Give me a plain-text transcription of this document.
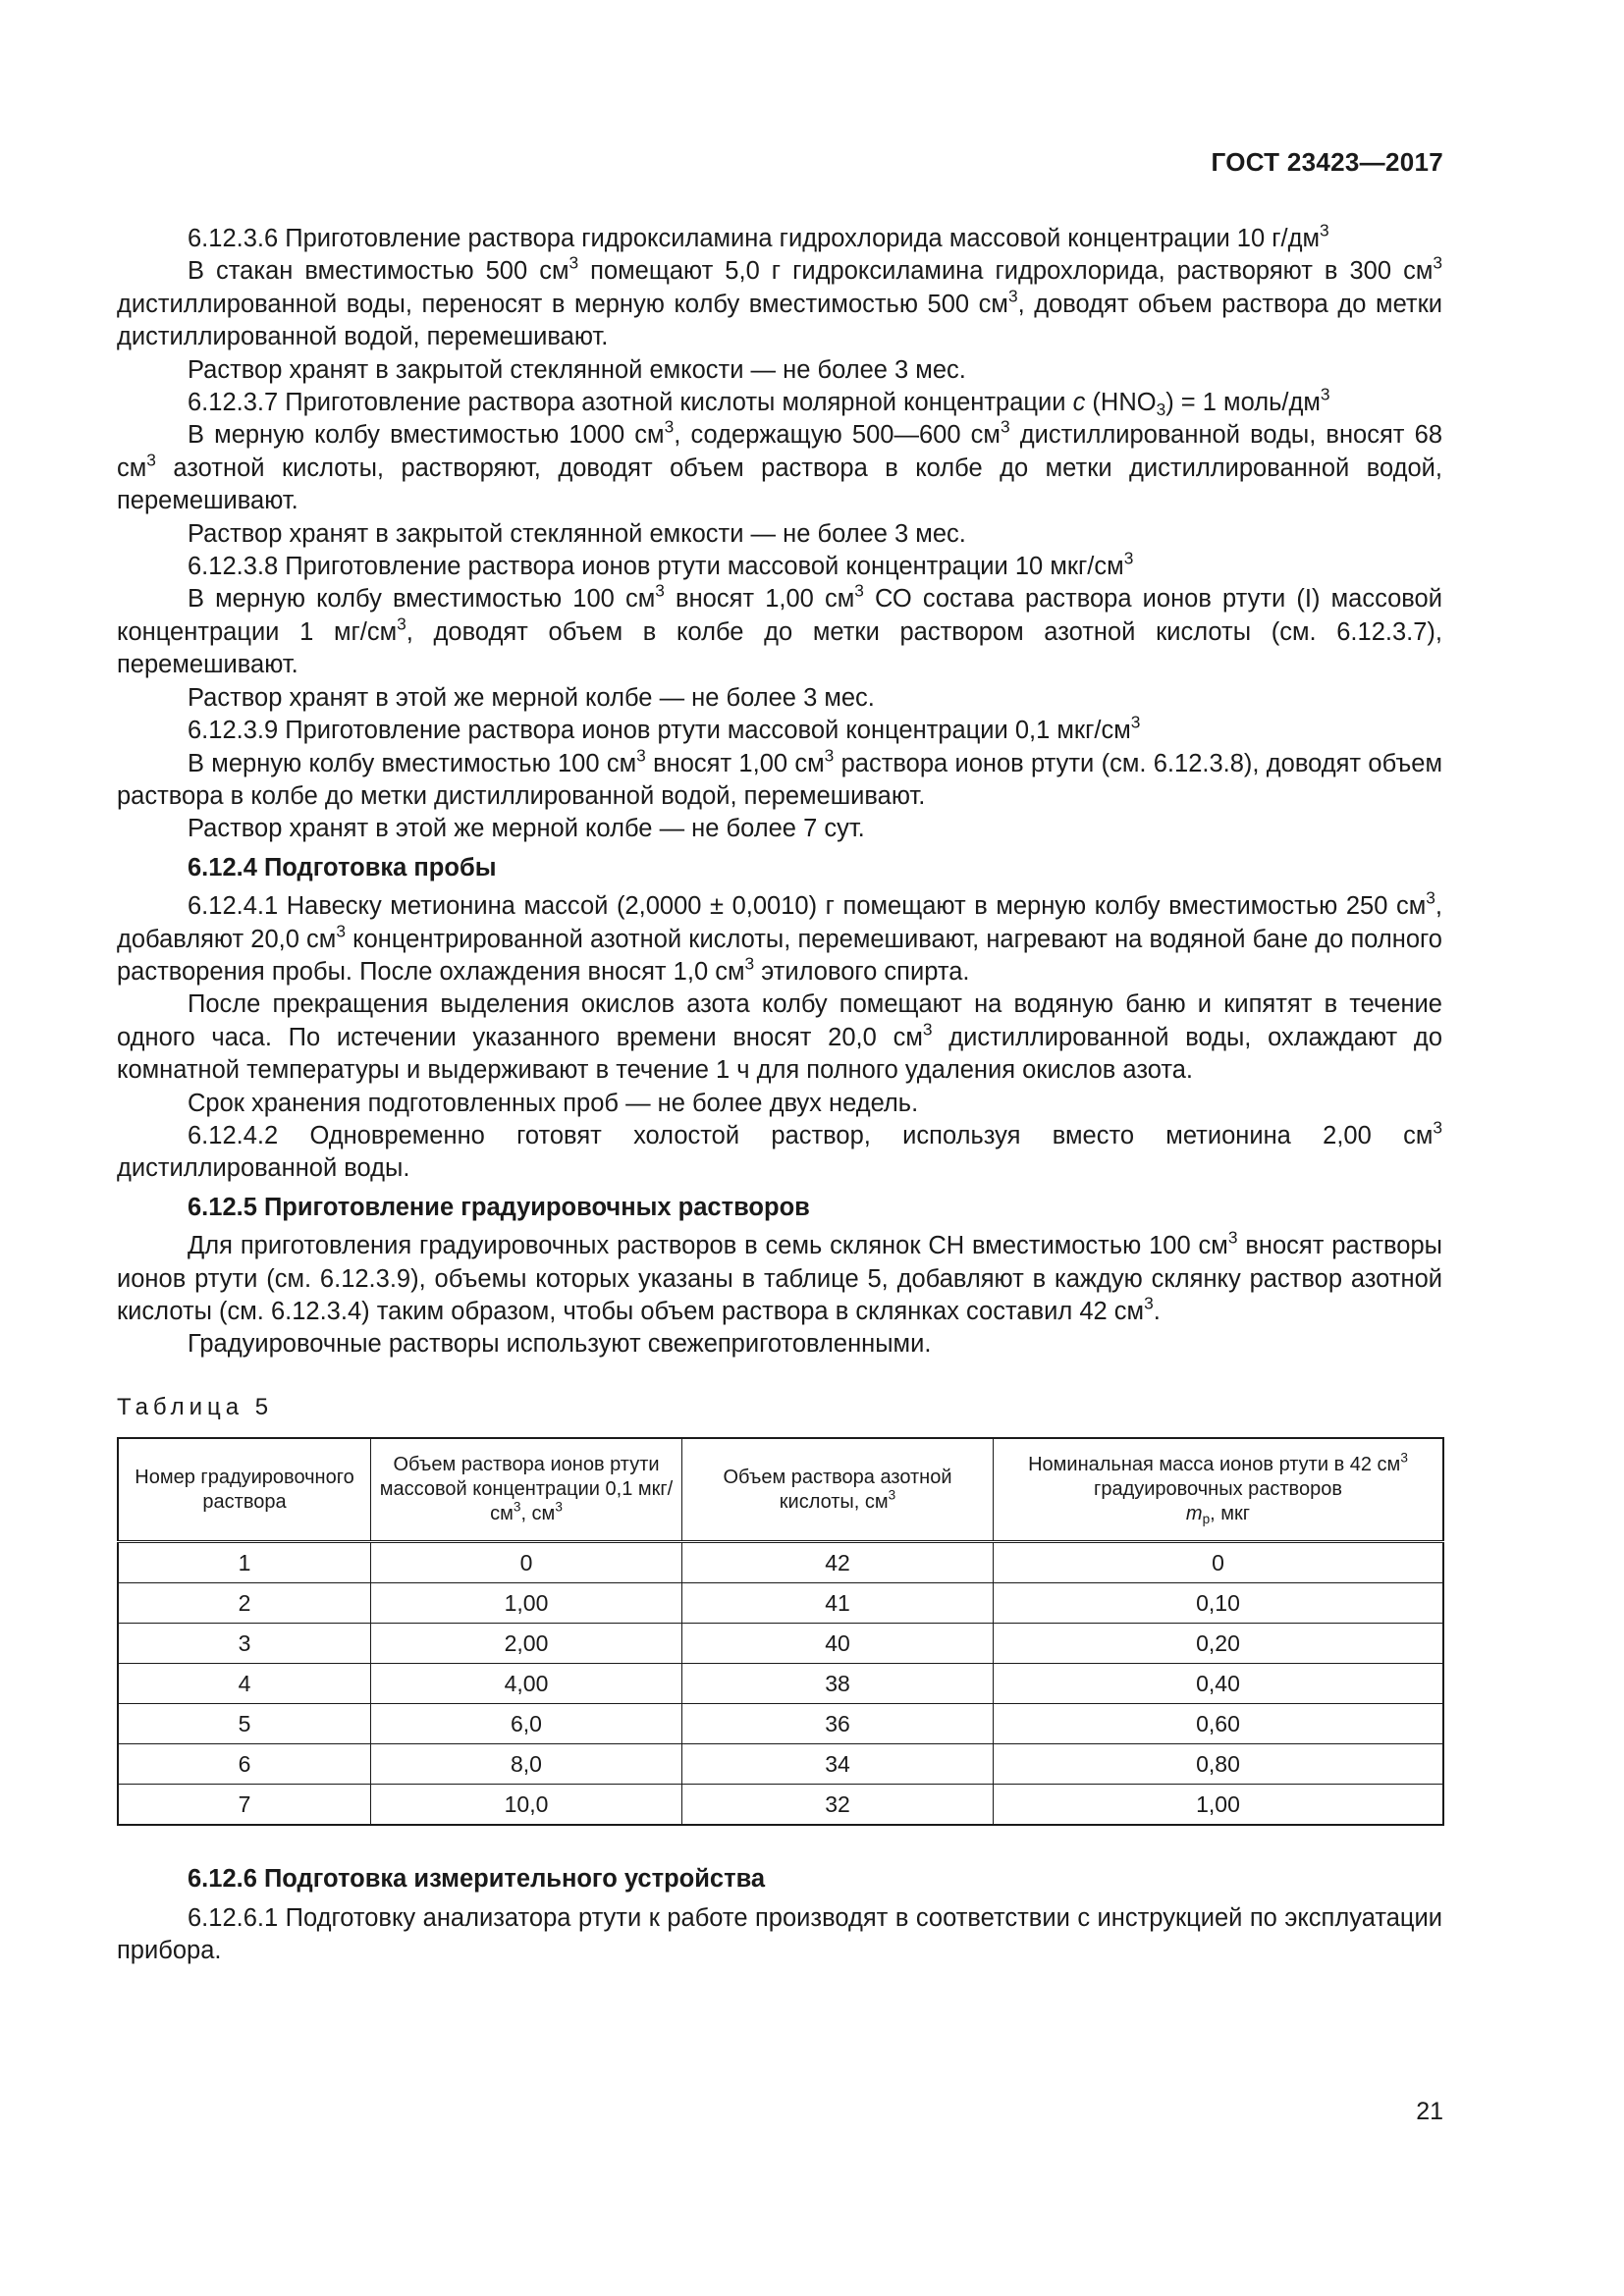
ГОСТ 23423—2017

6.12.3.6 Приготовление раствора гидроксиламина гидрохлорида массовой концентрации 10 $г/дм^3$

В стакан вместимостью 500 $см^3$ помещают 5,0 г гидроксиламина гидрохлорида, растворяют в 300 $см^3$ дистиллированной воды, переносят в мерную колбу вместимостью 500 $см^3$, доводят объем раствора до метки дистиллированной водой, перемешивают.

Раствор хранят в закрытой стеклянной емкости — не более 3 мес.

6.12.3.7 Приготовление раствора азотной кислоты молярной концентрации c $(HNO_3) = 1$ моль/$дм^3$

В мерную колбу вместимостью 1000 $см^3$, содержащую 500—600 $см^3$ дистиллированной воды, вносят 68 $см^3$ азотной кислоты, растворяют, доводят объем раствора в колбе до метки дистиллированной водой, перемешивают.

Раствор хранят в закрытой стеклянной емкости — не более 3 мес.

6.12.3.8 Приготовление раствора ионов ртути массовой концентрации 10 мкг/$см^3$

В мерную колбу вместимостью 100 $см^3$ вносят 1,00 $см^3$ СО состава раствора ионов ртути (I) массовой концентрации 1 $мг/см^3$, доводят объем в колбе до метки раствором азотной кислоты (см. 6.12.3.7), перемешивают.

Раствор хранят в этой же мерной колбе — не более 3 мес.

6.12.3.9 Приготовление раствора ионов ртути массовой концентрации 0,1 мкг/$см^3$

В мерную колбу вместимостью 100 $см^3$ вносят 1,00 $см^3$ раствора ионов ртути (см. 6.12.3.8), доводят объем раствора в колбе до метки дистиллированной водой, перемешивают.

Раствор хранят в этой же мерной колбе — не более 7 сут.

6.12.4 Подготовка пробы

6.12.4.1 Навеску метионина массой (2,0000 ± 0,0010) г помещают в мерную колбу вместимостью 250 $см^3$, добавляют 20,0 $см^3$ концентрированной азотной кислоты, перемешивают, нагревают на водяной бане до полного растворения пробы. После охлаждения вносят 1,0 $см^3$ этилового спирта.

После прекращения выделения окислов азота колбу помещают на водяную баню и кипятят в течение одного часа. По истечении указанного времени вносят 20,0 $см^3$ дистиллированной воды, охлаждают до комнатной температуры и выдерживают в течение 1 ч для полного удаления окислов азота.

Срок хранения подготовленных проб — не более двух недель.

6.12.4.2 Одновременно готовят холостой раствор, используя вместо метионина 2,00 $см^3$ дистиллированной воды.

6.12.5 Приготовление градуировочных растворов

Для приготовления градуировочных растворов в семь склянок СН вместимостью 100 $см^3$ вносят растворы ионов ртути (см. 6.12.3.9), объемы которых указаны в таблице 5, добавляют в каждую склянку раствор азотной кислоты (см. 6.12.3.4) таким образом, чтобы объем раствора в склянках составил 42 $см^3$.

Градуировочные растворы используют свежеприготовленными.

Таблица 5
Номер градуировочного раствора	Объем раствора ионов ртути массовой концентрации 0,1 мкг/$см^3$, $см^3$	Объем раствора азотной кислоты, $см^3$	Номинальная масса ионов ртути в 42 $см^3$ градуировочных растворов
$m_р$, мкг
1	0	42	0
2	1,00	41	0,10
3	2,00	40	0,20
4	4,00	38	0,40
5	6,0	36	0,60
6	8,0	34	0,80
7	10,0	32	1,00

6.12.6 Подготовка измерительного устройства

6.12.6.1 Подготовку анализатора ртути к работе производят в соответствии с инструкцией по эксплуатации прибора.

21
